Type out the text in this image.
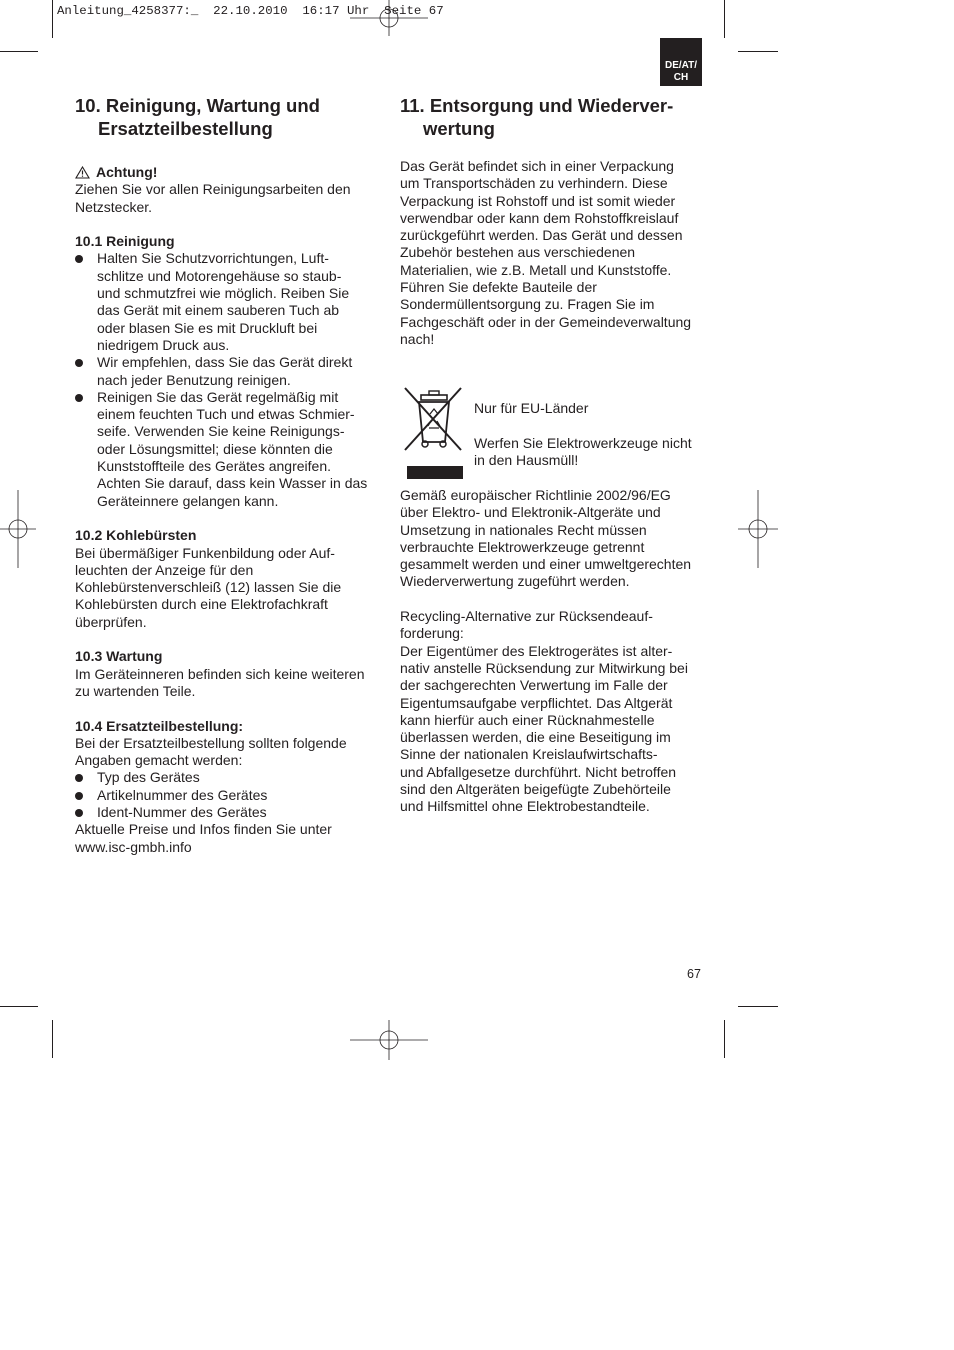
Anleitung_4258377:_  22.10.2010  16:17 Uhr  Seite 67
DE/AT/
CH
10. Reinigung, Wartung und
Ersatzteilbestellung
Achtung!

Ziehen Sie vor allen Reinigungsarbeiten den

Netzstecker.

10.1 Reinigung

Halten Sie Schutzvorrichtungen, Luft-
schlitze und Motorengehäuse so staub-
und schmutzfrei wie möglich. Reiben Sie
das Gerät mit einem sauberen Tuch ab
oder blasen Sie es mit Druckluft bei
niedrigem Druck aus.
Wir empfehlen, dass Sie das Gerät direkt
nach jeder Benutzung reinigen.
Reinigen Sie das Gerät regelmäßig mit
einem feuchten Tuch und etwas Schmier-
seife. Verwenden Sie keine Reinigungs-
oder Lösungsmittel; diese könnten die
Kunststoffteile des Gerätes angreifen.
Achten Sie darauf, dass kein Wasser in das
Geräteinnere gelangen kann.

10.2 Kohlebürsten

Bei übermäßiger Funkenbildung oder Auf-

leuchten der Anzeige für den

Kohlebürstenverschleiß (12) lassen Sie die

Kohlebürsten durch eine Elektrofachkraft

überprüfen.

10.3 Wartung

Im Geräteinneren befinden sich keine weiteren

zu wartenden Teile.

10.4 Ersatzteilbestellung:

Bei der Ersatzteilbestellung sollten folgende

Angaben gemacht werden:

Typ des Gerätes
Artikelnummer des Gerätes
Ident-Nummer des Gerätes

Aktuelle Preise und Infos finden Sie unter

www.isc-gmbh.info

11. Entsorgung und Wiederver-
wertung

Das Gerät befindet sich in einer Verpackung

um Transportschäden zu verhindern. Diese

Verpackung ist Rohstoff und ist somit wieder

verwendbar oder kann dem Rohstoffkreislauf

zurückgeführt werden. Das Gerät und dessen

Zubehör bestehen aus verschiedenen

Materialien, wie z.B. Metall und Kunststoffe.

Führen Sie defekte Bauteile der

Sondermüllentsorgung zu. Fragen Sie im

Fachgeschäft oder in der Gemeindeverwaltung

nach!

Nur für EU-Länder

Werfen Sie Elektrowerkzeuge nicht

in den Hausmüll!

Gemäß europäischer Richtlinie 2002/96/EG

über Elektro- und Elektronik-Altgeräte und

Umsetzung in nationales Recht müssen

verbrauchte Elektrowerkzeuge getrennt

gesammelt werden und einer umweltgerechten

Wiederverwertung zugeführt werden.

Recycling-Alternative zur Rücksendeauf-

forderung:

Der Eigentümer des Elektrogerätes ist alter-

nativ anstelle Rücksendung zur Mitwirkung bei

der sachgerechten Verwertung im Falle der

Eigentumsaufgabe verpflichtet. Das Altgerät

kann hierfür auch einer Rücknahmestelle

überlassen werden, die eine Beseitigung im

Sinne der nationalen Kreislaufwirtschafts-

und Abfallgesetze durchführt. Nicht betroffen

sind den Altgeräten beigefügte Zubehörteile

und Hilfsmittel ohne Elektrobestandteile.

67
